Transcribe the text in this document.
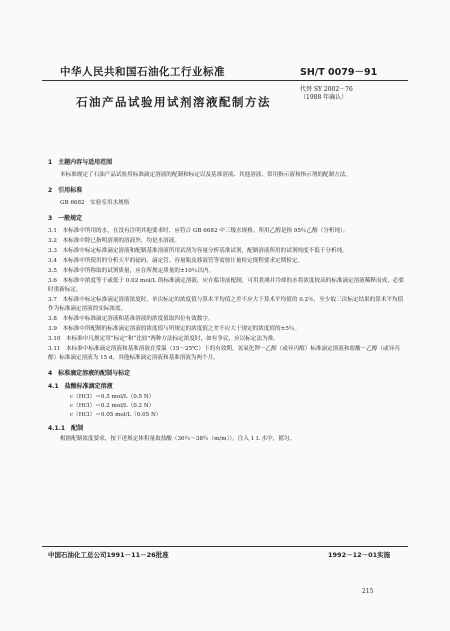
中华人民共和国石油化工行业标准	SH/T 0079－91
石油产品试验用试剂溶液配制方法
代替 SY 2002－76
（1988 年确认）
1　主题内容与适用范围
本标准规定了石油产品试验用标准滴定溶液的配制和标定以及基准溶液、其他溶液、常用指示液和指示剂的配制方法。
2　引用标准
GB 6682　实验室用水规格
3　一般规定
3.1　本标准中所用的水，在没有注明其他要求时，应符合 GB 6682 中三级水规格。所用乙醇是指 95％乙醇（分析纯）。
3.2　本标准中除已指明溶剂的溶液外，均是水溶液。
3.3　本标准中标定标准滴定溶液和配制基准溶液所用试剂为容量分析基准试剂，配制溶液所用的试剂纯度不低于分析纯。
3.4　本标准中所使用的分析天平的砝码、滴定管、容量瓶及移液管等需按计量检定规程要求定期检定。
3.5　本标准中所称取的试剂质量，应在所规定质量的±10％以内。
3.6　本标准中浓度等于或低于 0.02 mol/L 的标准滴定溶液，应在临用前配制，可用煮沸并冷却的水将浓度较高的标准滴定溶液稀释而成，必要时重新标定。
3.7　本标准中标定标准滴定溶液浓度时，单次标定的浓度值与算术平均值之差不应大于算术平均值的 0.2％，至少取三次标定结果的算术平均值作为标准滴定溶液的实际浓度。
3.8　本标准中标准滴定溶液和基准溶液的浓度值取四位有效数字。
3.9　本标准中所配制的标准滴定溶液的浓度值与所规定的浓度值之差不应大于规定的浓度值的±5％。
3.10　本标准中凡规定用“标定”和“比较”两种方法标定浓度时，如有争议，应以标定法为准。
3.11　本标准中标准滴定溶液和基准溶液在常温（15～25℃）下的有效期，氢氧化钾－乙醇（或异丙醇）标准滴定溶液和盐酸－乙醇（或异丙醇）标准滴定溶液为 15 d，其他标准滴定溶液和基准溶液为两个月。
4　标准滴定溶液的配制与标定
4.1　盐酸标准滴定溶液
c（HCl）＝0.5 mol/L（0.5 N）
c（HCl）＝0.2 mol/L（0.2 N）
c（HCl）＝0.05 mol/L（0.05 N）
4.1.1　配制
根据配制浓度要求，按下述规定体积量取盐酸（36％～38％（m/m）），注入 1 L 水中，摇匀。
中国石油化工总公司1991－11－26批准	1992－12－01实施
215
